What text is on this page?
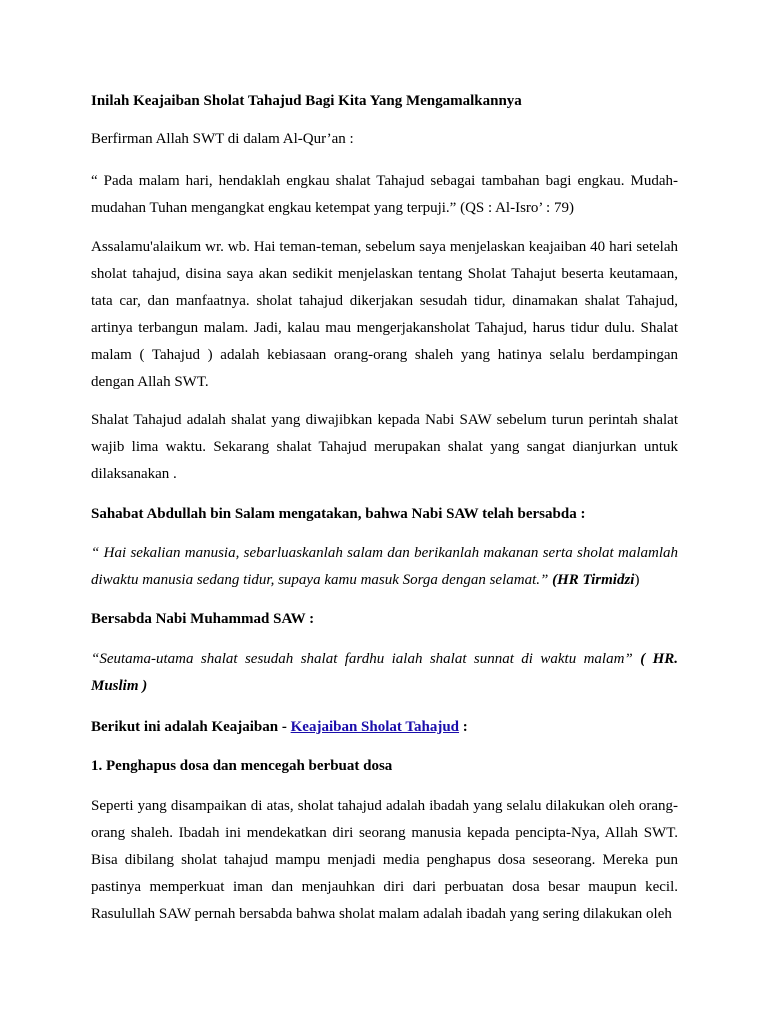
Inilah Keajaiban Sholat Tahajud Bagi Kita Yang Mengamalkannya

Berfirman Allah SWT di dalam Al-Qur’an :

“ Pada malam hari, hendaklah engkau shalat Tahajud sebagai tambahan bagi engkau. Mudah-mudahan Tuhan mengangkat engkau ketempat yang terpuji.” (QS : Al-Isro’ : 79)

Assalamu'alaikum wr. wb. Hai teman-teman, sebelum saya menjelaskan keajaiban 40 hari setelah sholat tahajud, disina saya akan sedikit menjelaskan tentang Sholat Tahajut beserta keutamaan, tata car, dan manfaatnya. sholat tahajud dikerjakan sesudah tidur, dinamakan shalat Tahajud, artinya terbangun malam. Jadi, kalau mau mengerjakansholat Tahajud, harus tidur dulu. Shalat malam ( Tahajud ) adalah kebiasaan orang-orang shaleh yang hatinya selalu berdampingan dengan Allah SWT.

Shalat Tahajud adalah shalat yang diwajibkan kepada Nabi SAW sebelum turun perintah shalat wajib lima waktu. Sekarang shalat Tahajud merupakan shalat yang sangat dianjurkan untuk dilaksanakan .

Sahabat Abdullah bin Salam mengatakan, bahwa Nabi SAW telah bersabda :

“ Hai sekalian manusia, sebarluaskanlah salam dan berikanlah makanan serta sholat malamlah diwaktu manusia sedang tidur, supaya kamu masuk Sorga dengan selamat.” (HR Tirmidzi)

Bersabda Nabi Muhammad SAW :

“Seutama-utama shalat sesudah shalat fardhu ialah shalat sunnat di waktu malam” ( HR. Muslim )

Berikut ini adalah Keajaiban - Keajaiban Sholat Tahajud :

1. Penghapus dosa dan mencegah berbuat dosa

Seperti yang disampaikan di atas, sholat tahajud adalah ibadah yang selalu dilakukan oleh orang-orang shaleh. Ibadah ini mendekatkan diri seorang manusia kepada pencipta-Nya, Allah SWT. Bisa dibilang sholat tahajud mampu menjadi media penghapus dosa seseorang. Mereka pun pastinya memperkuat iman dan menjauhkan diri dari perbuatan dosa besar maupun kecil. Rasulullah SAW pernah bersabda bahwa sholat malam adalah ibadah yang sering dilakukan oleh
